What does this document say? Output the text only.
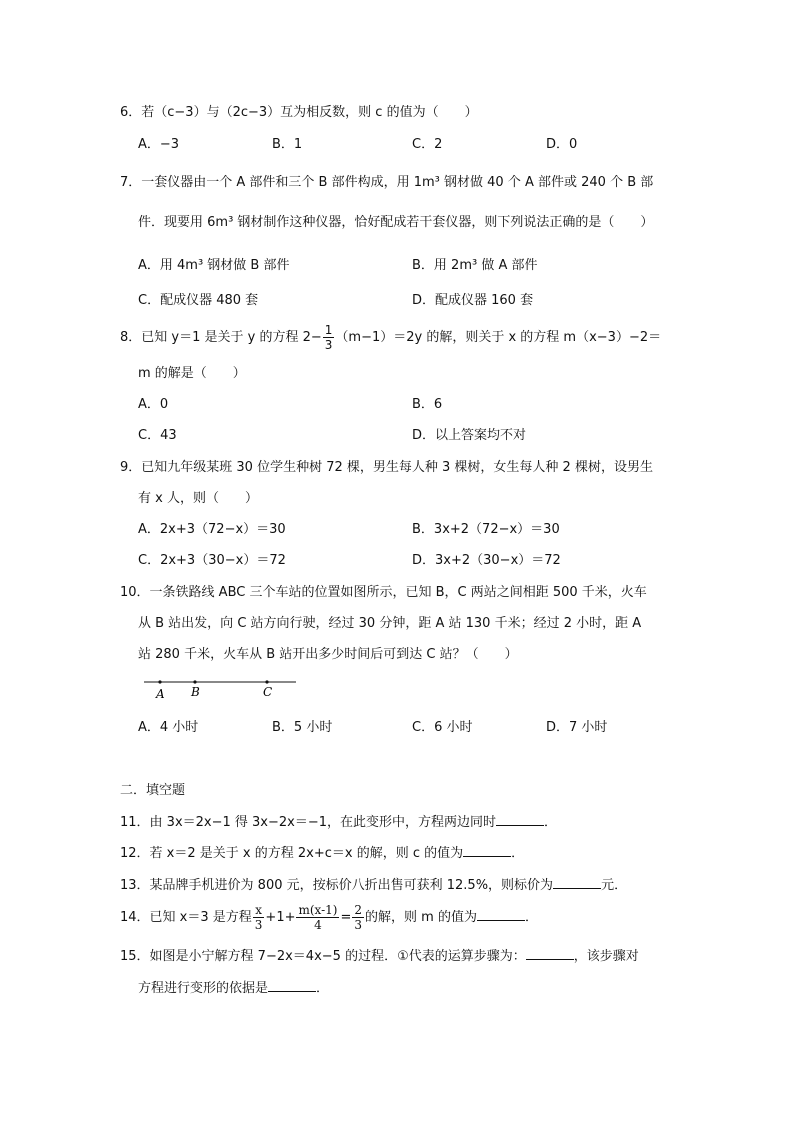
6．若（c−3）与（2c−3）互为相反数，则 c 的值为（　　）
A．−3	B．1	C．2	D．0
7．一套仪器由一个 A 部件和三个 B 部件构成，用 1m³ 钢材做 40 个 A 部件或 240 个 B 部
件．现要用 6m³ 钢材制作这种仪器，恰好配成若干套仪器，则下列说法正确的是（　　）
A．用 4m³ 钢材做 B 部件	B．用 2m³ 做 A 部件
C．配成仪器 480 套	D．配成仪器 160 套
8．已知 y＝1 是关于 y 的方程 $2- \frac{1}{3} (m-1)=2y$ 的解，则关于 x 的方程 m（x−3）−2＝
m 的解是（　　）
A．0	B．6
C．43	D．以上答案均不对
9．已知九年级某班 30 位学生种树 72 棵，男生每人种 3 棵树，女生每人种 2 棵树，设男生
有 x 人，则（　　）
A．2x+3（72−x）＝30	B．3x+2（72−x）＝30
C．2x+3（30−x）＝72	D．3x+2（30−x）＝72
10．一条铁路线 ABC 三个车站的位置如图所示，已知 B，C 两站之间相距 500 千米，火车
从 B 站出发，向 C 站方向行驶，经过 30 分钟，距 A 站 130 千米；经过 2 小时，距 A
站 280 千米，火车从 B 站开出多少时间后可到达 C 站？（　　）
A B	C
A．4 小时	B．5 小时	C．6 小时	D．7 小时
二．填空题
11．由 3x＝2x−1 得 3x−2x＝−1，在此变形中，方程两边同时	．
12．若 x＝2 是关于 x 的方程 2x+c＝x 的解，则 c 的值为	．
13．某品牌手机进价为 800 元，按标价八折出售可获利 12.5%，则标价为	元．
14．已知 x＝3 是方程 $\frac{x}{3} +1+ \frac{m(x-1)}{4} = \frac{2}{3}$ 的解，则 m 的值为	．
15．如图是小宁解方程 7−2x＝4x−5 的过程．①代表的运算步骤为：	，该步骤对
方程进行变形的依据是	．
